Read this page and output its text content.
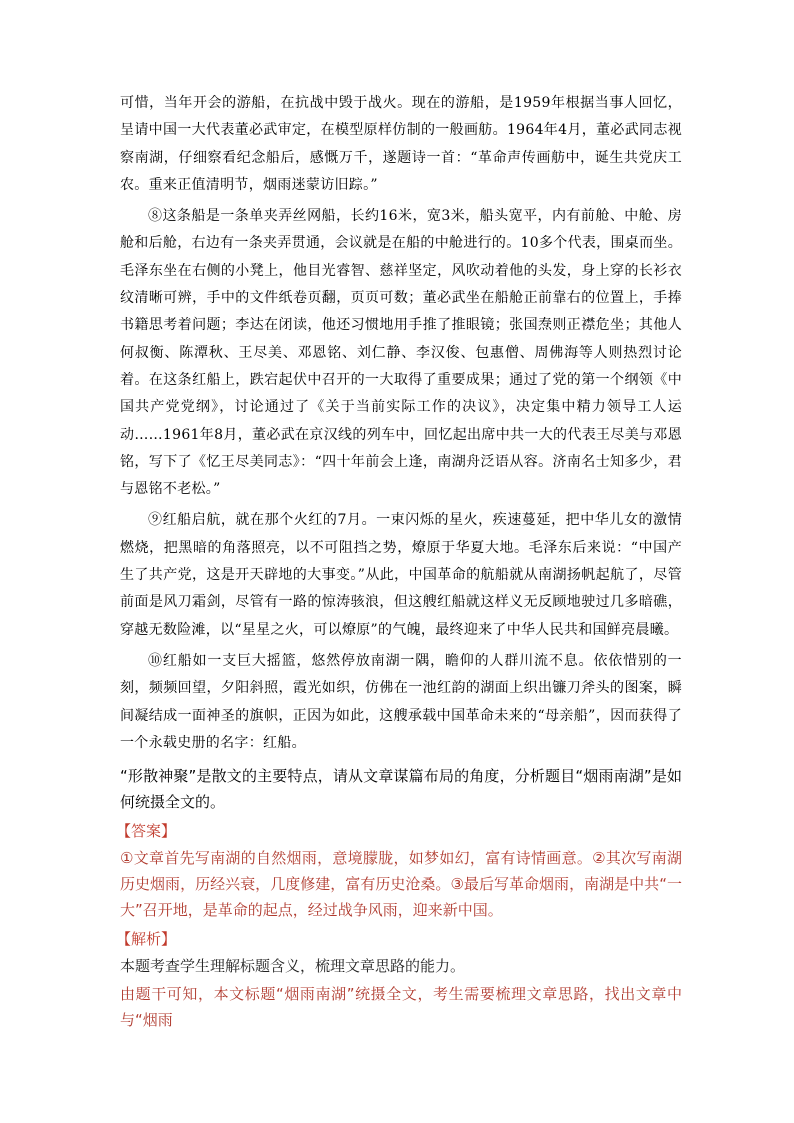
可惜，当年开会的游船，在抗战中毁于战火。现在的游船，是1959年根据当事人回忆，呈请中国一大代表董必武审定，在模型原样仿制的一般画舫。1964年4月，董必武同志视察南湖，仔细察看纪念船后，感慨万千，遂题诗一首：“革命声传画舫中，诞生共党庆工农。重来正值清明节，烟雨迷蒙访旧踪。”

⑧这条船是一条单夹弄丝网船，长约16米，宽3米，船头宽平，内有前舱、中舱、房舱和后舱，右边有一条夹弄贯通，会议就是在船的中舱进行的。10多个代表，围桌而坐。毛泽东坐在右侧的小凳上，他目光睿智、慈祥坚定，风吹动着他的头发，身上穿的长衫衣纹清晰可辨，手中的文件纸卷页翻，页页可数；董必武坐在船舱正前靠右的位置上，手捧书籍思考着问题；李达在闭读，他还习惯地用手推了推眼镜；张国焘则正襟危坐；其他人何叔衡、陈潭秋、王尽美、邓恩铭、刘仁静、李汉俊、包惠僧、周佛海等人则热烈讨论着。在这条红船上，跌宕起伏中召开的一大取得了重要成果；通过了党的第一个纲领《中国共产党党纲》，讨论通过了《关于当前实际工作的决议》，决定集中精力领导工人运动……1961年8月，董必武在京汉线的列车中，回忆起出席中共一大的代表王尽美与邓恩铭，写下了《忆王尽美同志》：“四十年前会上逢，南湖舟泛语从容。济南名士知多少，君与恩铭不老松。”

⑨红船启航，就在那个火红的7月。一束闪烁的星火，疾速蔓延，把中华儿女的激情燃烧，把黑暗的角落照亮，以不可阻挡之势，燎原于华夏大地。毛泽东后来说：“中国产生了共产党，这是开天辟地的大事变。”从此，中国革命的航船就从南湖扬帆起航了，尽管前面是风刀霜剑，尽管有一路的惊涛骇浪，但这艘红船就这样义无反顾地驶过几多暗礁，穿越无数险滩，以“星星之火，可以燎原”的气魄，最终迎来了中华人民共和国鲜亮晨曦。

⑩红船如一支巨大摇篮，悠然停放南湖一隅，瞻仰的人群川流不息。依依惜别的一刻，频频回望，夕阳斜照，霞光如织，仿佛在一池红韵的湖面上织出镰刀斧头的图案，瞬间凝结成一面神圣的旗帜，正因为如此，这艘承载中国革命未来的“母亲船”，因而获得了一个永载史册的名字：红船。

“形散神聚”是散文的主要特点，请从文章谋篇布局的角度，分析题目“烟雨南湖”是如何统摄全文的。

【答案】

①文章首先写南湖的自然烟雨，意境朦胧，如梦如幻，富有诗情画意。②其次写南湖历史烟雨，历经兴衰，几度修建，富有历史沧桑。③最后写革命烟雨，南湖是中共“一大”召开地，是革命的起点，经过战争风雨，迎来新中国。

【解析】

本题考查学生理解标题含义，梳理文章思路的能力。

由题干可知，本文标题“烟雨南湖”统摄全文，考生需要梳理文章思路，找出文章中与“烟雨
